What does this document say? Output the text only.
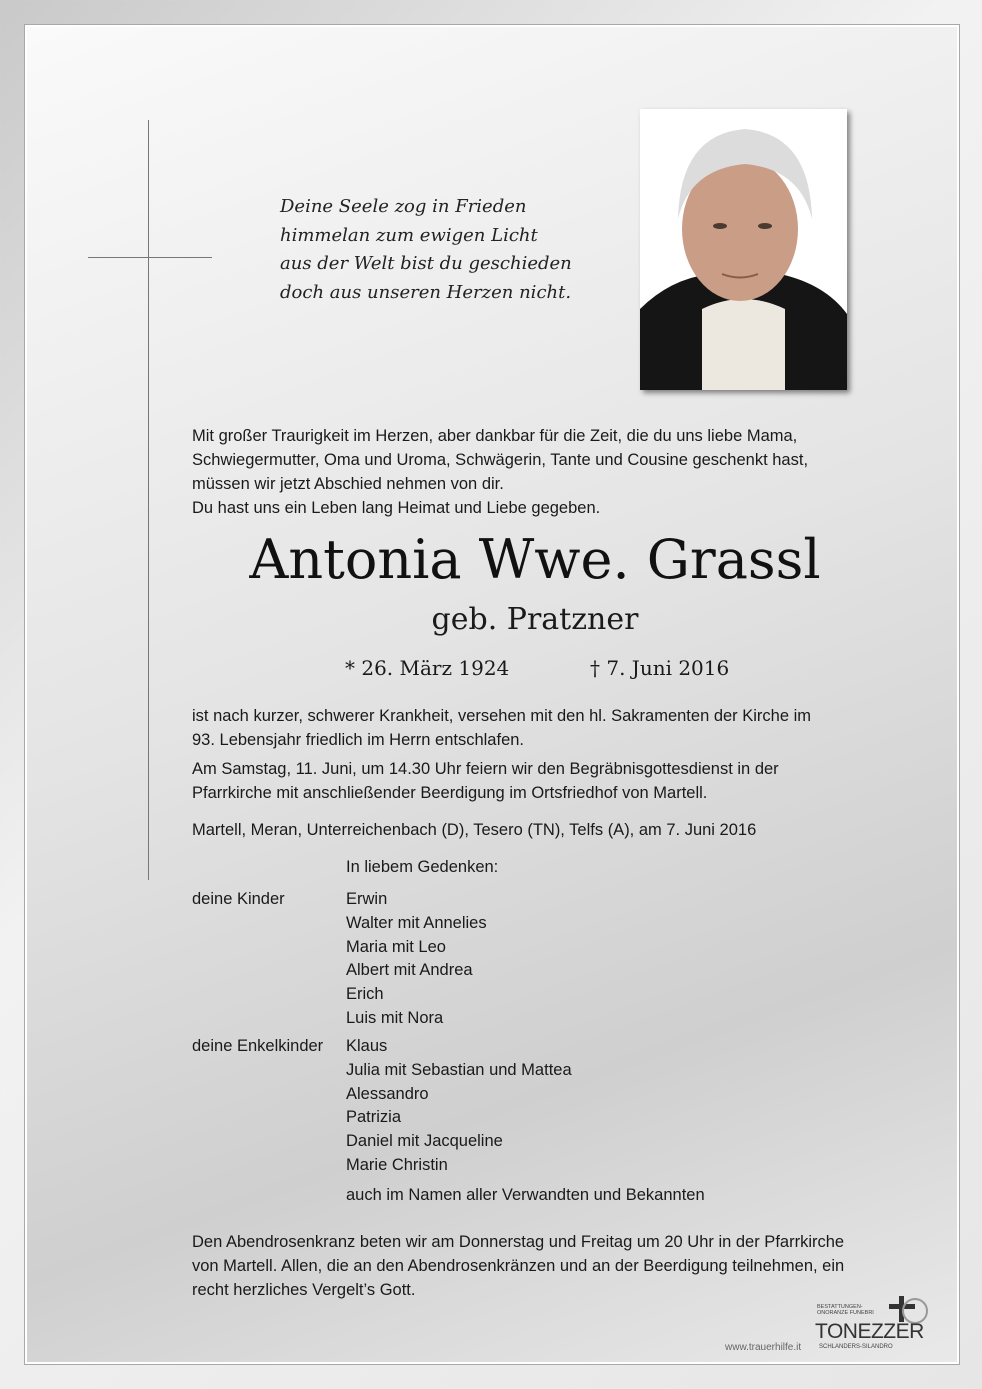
Deine Seele zog in Frieden
himmelan zum ewigen Licht
aus der Welt bist du geschieden
doch aus unseren Herzen nicht.
Mit großer Traurigkeit im Herzen, aber dankbar für die Zeit, die du uns liebe Mama,
Schwiegermutter, Oma und Uroma, Schwägerin, Tante und Cousine geschenkt hast,
müssen wir jetzt Abschied nehmen von dir.
Du hast uns ein Leben lang Heimat und Liebe gegeben.
Antonia Wwe. Grassl
geb. Pratzner
* 26. März 1924	† 7. Juni 2016
ist nach kurzer, schwerer Krankheit, versehen mit den hl. Sakramenten der Kirche im
93. Lebensjahr friedlich im Herrn entschlafen.
Am Samstag, 11. Juni, um 14.30 Uhr feiern wir den Begräbnisgottesdienst in der
Pfarrkirche mit anschließender Beerdigung im Ortsfriedhof von Martell.
Martell, Meran, Unterreichenbach (D), Tesero (TN), Telfs (A), am 7. Juni 2016
In liebem Gedenken:
deine Kinder	Erwin
Walter mit Annelies
Maria mit Leo
Albert mit Andrea
Erich
Luis mit Nora
deine Enkelkinder	Klaus
Julia mit Sebastian und Mattea
Alessandro
Patrizia
Daniel mit Jacqueline
Marie Christin
auch im Namen aller Verwandten und Bekannten
Den Abendrosenkranz beten wir am Donnerstag und Freitag um 20 Uhr in der Pfarrkirche
von Martell. Allen, die an den Abendrosenkränzen und an der Beerdigung teilnehmen, ein
recht herzliches Vergelt’s Gott.
www.trauerhilfe.it
BESTATTUNGEN-
ONORANZE FUNEBRI
TONEZZER
SCHLANDERS-SILANDRO
